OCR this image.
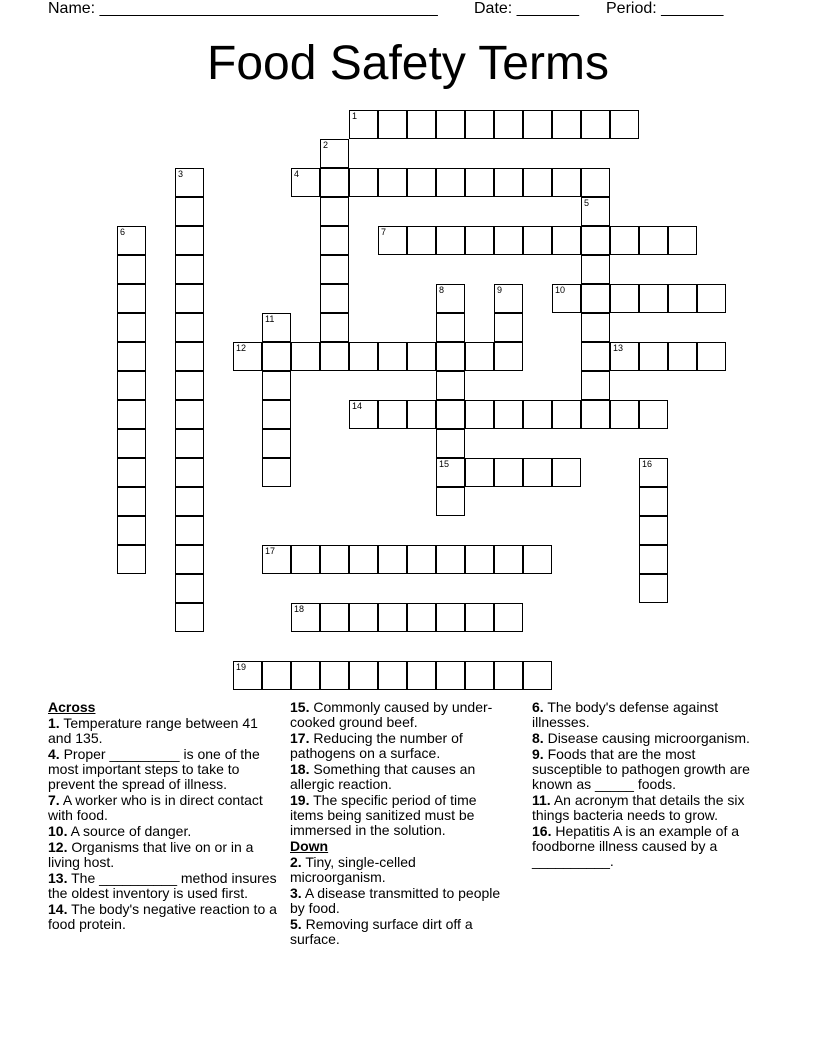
Name: ______________________________________ Date: _______ Period: _______
Food Safety Terms
1
2
3	4
5
6	7
8
15
9	10
11
12	13
14
16
17
18
19
Across
1. Temperature range between 41 and 135.
4. Proper _________ is one of the most important steps to take to prevent the spread of illness.
7. A worker who is in direct contact with food.
10. A source of danger.
12. Organisms that live on or in a living host.
13. The __________ method insures the oldest inventory is used first.
14. The body's negative reaction to a food protein.
15. Commonly caused by under-cooked ground beef.
17. Reducing the number of pathogens on a surface.
18. Something that causes an allergic reaction.
19. The specific period of time items being sanitized must be immersed in the solution.
Down
2. Tiny, single-celled microorganism.
3. A disease transmitted to people by food.
5. Removing surface dirt off a surface.
6. The body's defense against illnesses.
8. Disease causing microorganism.
9. Foods that are the most susceptible to pathogen growth are known as _____ foods.
11. An acronym that details the six things bacteria needs to grow.
16. Hepatitis A is an example of a foodborne illness caused by a __________.
